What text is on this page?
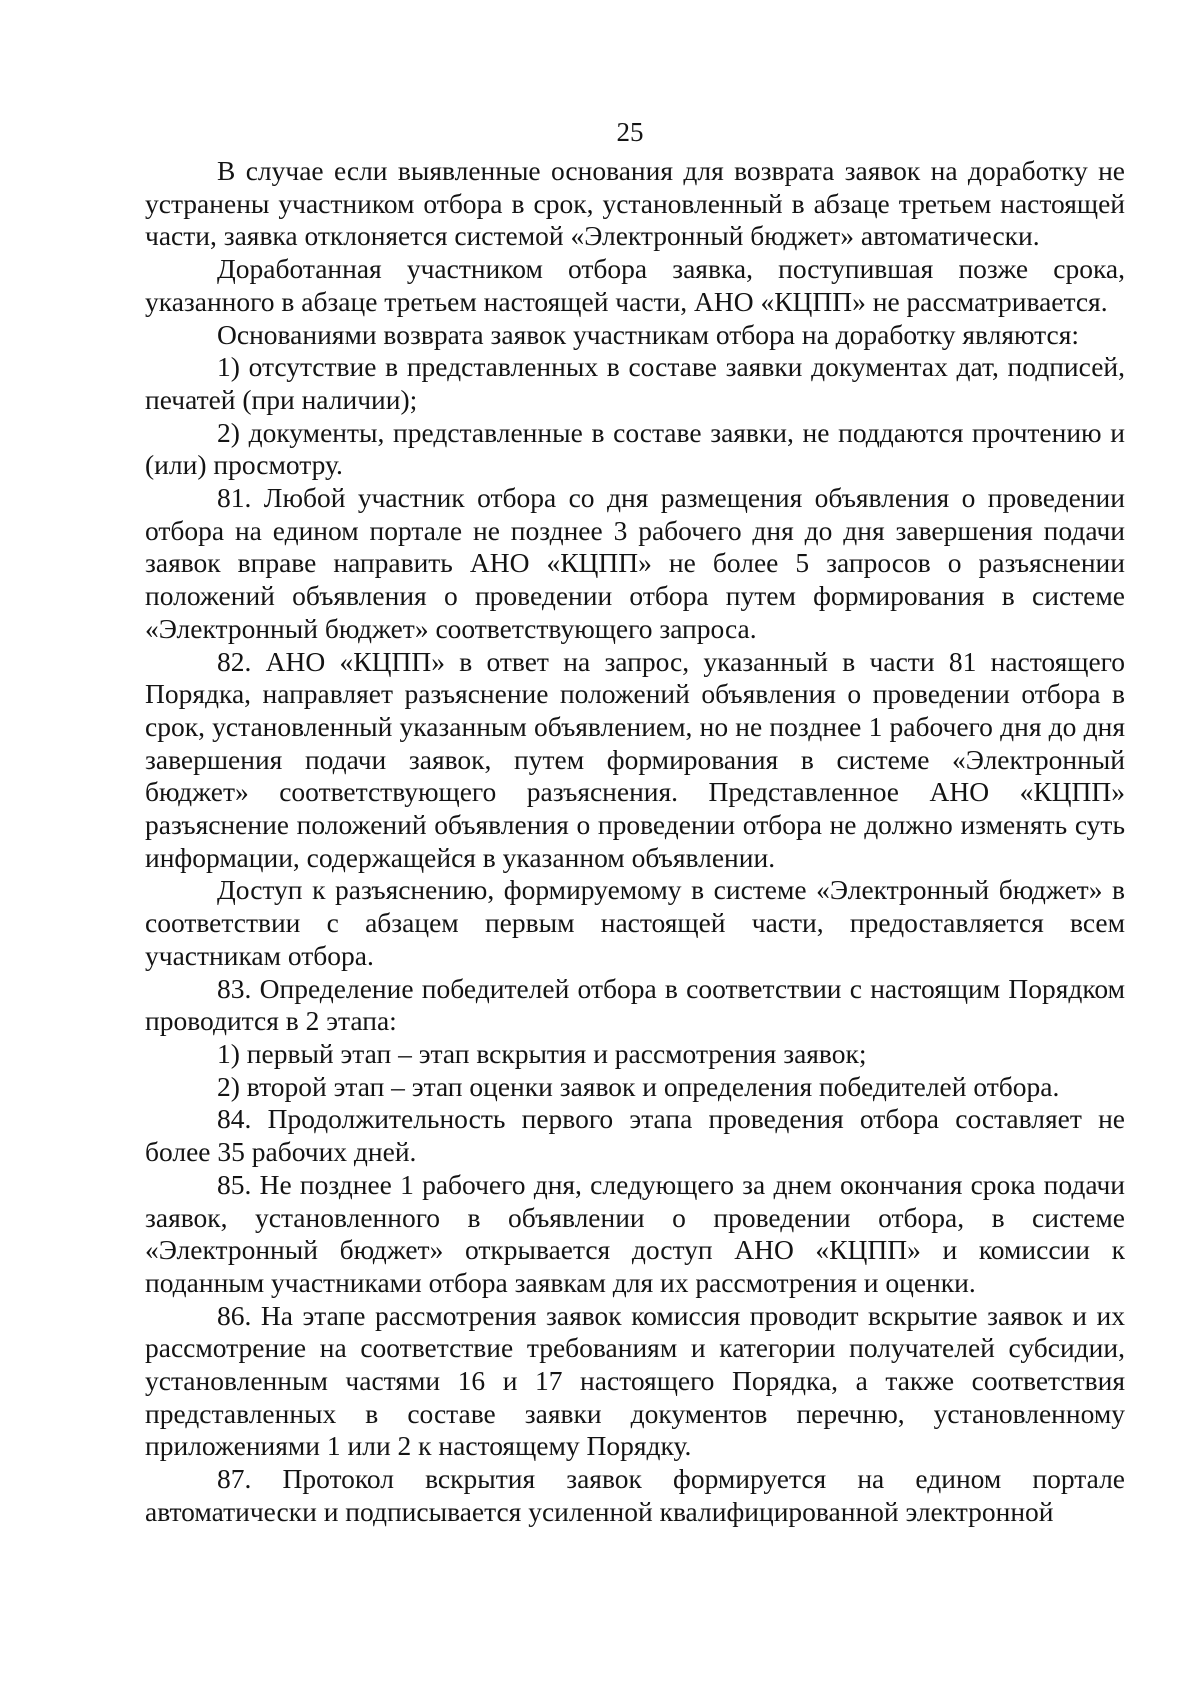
25

В случае если выявленные основания для возврата заявок на доработку не устранены участником отбора в срок, установленный в абзаце третьем настоящей части, заявка отклоняется системой «Электронный бюджет» автоматически.

Доработанная участником отбора заявка, поступившая позже срока, указанного в абзаце третьем настоящей части, АНО «КЦПП» не рассматривается.

Основаниями возврата заявок участникам отбора на доработку являются:

1) отсутствие в представленных в составе заявки документах дат, подписей, печатей (при наличии);

2) документы, представленные в составе заявки, не поддаются прочтению и (или) просмотру.

81. Любой участник отбора со дня размещения объявления о проведении отбора на едином портале не позднее 3 рабочего дня до дня завершения подачи заявок вправе направить АНО «КЦПП» не более 5 запросов о разъяснении положений объявления о проведении отбора путем формирования в системе «Электронный бюджет» соответствующего запроса.

82. АНО «КЦПП» в ответ на запрос, указанный в части 81 настоящего Порядка, направляет разъяснение положений объявления о проведении отбора в срок, установленный указанным объявлением, но не позднее 1 рабочего дня до дня завершения подачи заявок, путем формирования в системе «Электронный бюджет» соответствующего разъяснения. Представленное АНО «КЦПП» разъяснение положений объявления о проведении отбора не должно изменять суть информации, содержащейся в указанном объявлении.

Доступ к разъяснению, формируемому в системе «Электронный бюджет» в соответствии с абзацем первым настоящей части, предоставляется всем участникам отбора.

83. Определение победителей отбора в соответствии с настоящим Порядком проводится в 2 этапа:

1) первый этап – этап вскрытия и рассмотрения заявок;

2) второй этап – этап оценки заявок и определения победителей отбора.

84. Продолжительность первого этапа проведения отбора составляет не более 35 рабочих дней.

85. Не позднее 1 рабочего дня, следующего за днем окончания срока подачи заявок, установленного в объявлении о проведении отбора, в системе «Электронный бюджет» открывается доступ АНО «КЦПП» и комиссии к поданным участниками отбора заявкам для их рассмотрения и оценки.

86. На этапе рассмотрения заявок комиссия проводит вскрытие заявок и их рассмотрение на соответствие требованиям и категории получателей субсидии, установленным частями 16 и 17 настоящего Порядка, а также соответствия представленных в составе заявки документов перечню, установленному приложениями 1 или 2 к настоящему Порядку.

87. Протокол вскрытия заявок формируется на едином портале автоматически и подписывается усиленной квалифицированной электронной
